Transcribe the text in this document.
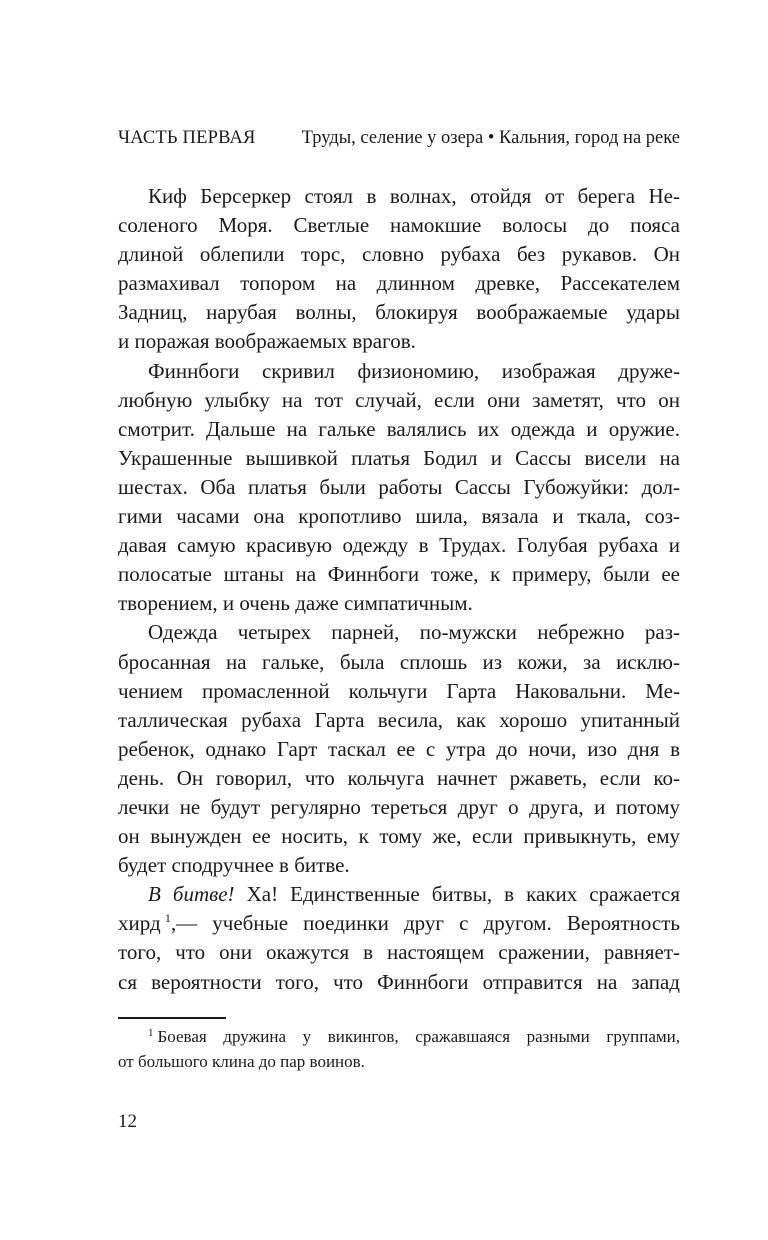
ЧАСТЬ ПЕРВАЯ Труды, селение у озера • Кальния, город на реке
Киф Берсеркер стоял в волнах, отойдя от берега Не-
соленого Моря. Светлые намокшие волосы до пояса
длиной облепили торс, словно рубаха без рукавов. Он
размахивал топором на длинном древке, Рассекателем
Задниц, нарубая волны, блокируя воображаемые удары
и поражая воображаемых врагов.
Финнбоги скривил физиономию, изображая друже-
любную улыбку на тот случай, если они заметят, что он
смотрит. Дальше на гальке валялись их одежда и оружие.
Украшенные вышивкой платья Бодил и Сассы висели на
шестах. Оба платья были работы Сассы Губожуйки: дол-
гими часами она кропотливо шила, вязала и ткала, соз-
давая самую красивую одежду в Трудах. Голубая рубаха и
полосатые штаны на Финнбоги тоже, к примеру, были ее
творением, и очень даже симпатичным.
Одежда четырех парней, по-мужски небрежно раз-
бросанная на гальке, была сплошь из кожи, за исклю-
чением промасленной кольчуги Гарта Наковальни. Ме-
таллическая рубаха Гарта весила, как хорошо упитанный
ребенок, однако Гарт таскал ее с утра до ночи, изо дня в
день. Он говорил, что кольчуга начнет ржаветь, если ко-
лечки не будут регулярно тереться друг о друга, и потому
он вынужден ее носить, к тому же, если привыкнуть, ему
будет сподручнее в битве.
В битве! Ха! Единственные битвы, в каких сражается
хирд  $^1$,— учебные поединки друг с другом. Вероятность
того, что они окажутся в настоящем сражении, равняет-
ся вероятности того, что Финнбоги отправится на запад
$^1$ Боевая дружина у викингов, сражавшаяся разными группами,
от большого клина до пар воинов.
12
